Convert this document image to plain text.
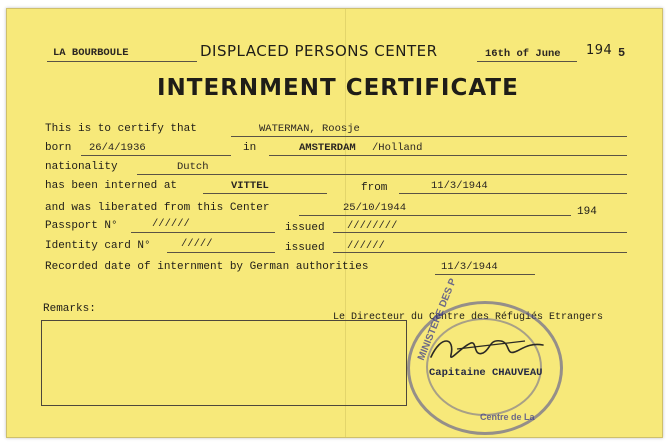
LA BOURBOULE	DISPLACED PERSONS CENTER	16th of June 194 5
INTERNMENT CERTIFICATE
This is to certify that	WATERMAN, Roosje
born 26/4/1936	in	AMSTERDAM /Holland
nationality	Dutch
has been interned at	VITTEL	from	11/3/1944
and was liberated from this Center	25/10/1944	194
Passport N°	//////	issued ////////
Identity card N°	/////	issued //////
Recorded date of internment by German authorities	11/3/1944
Remarks:
Le Directeur du Centre des Réfugiés Etrangers
MINISTERE DES P
Centre de La
Capitaine CHAUVEAU
